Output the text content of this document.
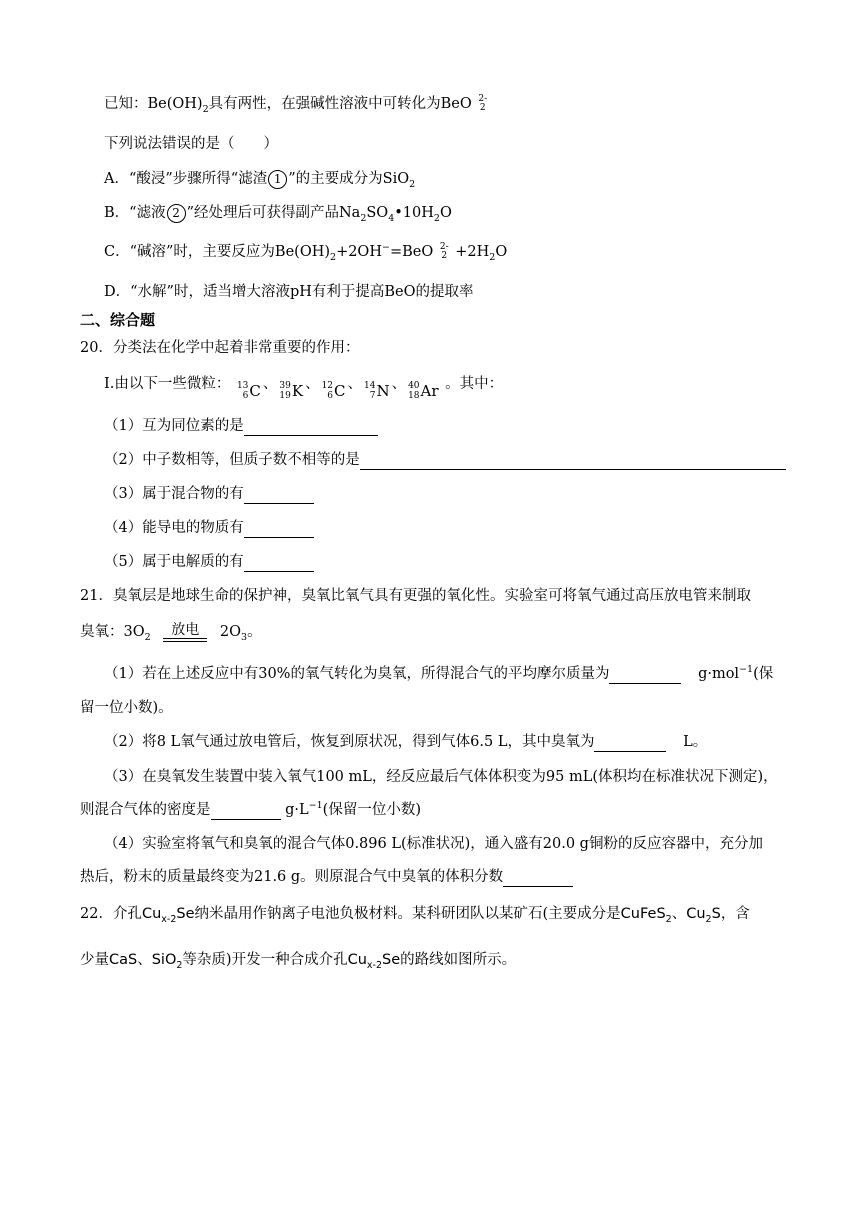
已知：$Be(OH)_2$具有两性，在强碱性溶液中可转化为BeO 2-
2
下列说法错误的是（　　）
A．“酸浸”步骤所得“滤渣 1 ”的主要成分为SiO$_2$
B．“滤液 2 ”经处理后可获得副产品$Na_2SO_4•10H_2O$
C．“碱溶”时，主要反应为$Be(OH)_2+2OH^-=BeO$ 2-
$2 +2H_2O$
D．“水解”时，适当增大溶液pH有利于提高BeO的提取率
二、综合题
20．分类法在化学中起着非常重要的作用：
I.由以下一些微粒： 13
6 C 、 39
19 K 、 12
6 C 、 14
7 N 、 40
18 Ar 。其中：
（1）互为同位素的是
（2）中子数相等，但质子数不相等的是
（3）属于混合物的有
（4）能导电的物质有
（5）属于电解质的有
21．臭氧层是地球生命的保护神，臭氧比氧气具有更强的氧化性。实验室可将氧气通过高压放电管来制取
臭氧：$3O_2$	放电	$2O_3$。
（1）若在上述反应中有30%的氧气转化为臭氧，所得混合气的平均摩尔质量为	g·mol$^{-1}$(保
留一位小数)。
（2）将8 L氧气通过放电管后，恢复到原状况，得到气体6.5 L，其中臭氧为	L。
（3）在臭氧发生装置中装入氧气100 mL，经反应最后气体体积变为95 mL(体积均在标准状况下测定)，
则混合气体的密度是	$g\cdot L^{-1}$(保留一位小数)
（4）实验室将氧气和臭氧的混合气体0.896 L(标准状况)，通入盛有20.0 g铜粉的反应容器中，充分加
热后，粉末的质量最终变为21.6 g。则原混合气中臭氧的体积分数
22．介孔$Cu_{x-2}Se$纳米晶用作钠离子电池负极材料。某科研团队以某矿石(主要成分是CuFeS$_2$、$Cu_2S$，含
少量CaS、SiO$_2$等杂质)开发一种合成介孔$Cu_{x-2}Se$的路线如图所示。
